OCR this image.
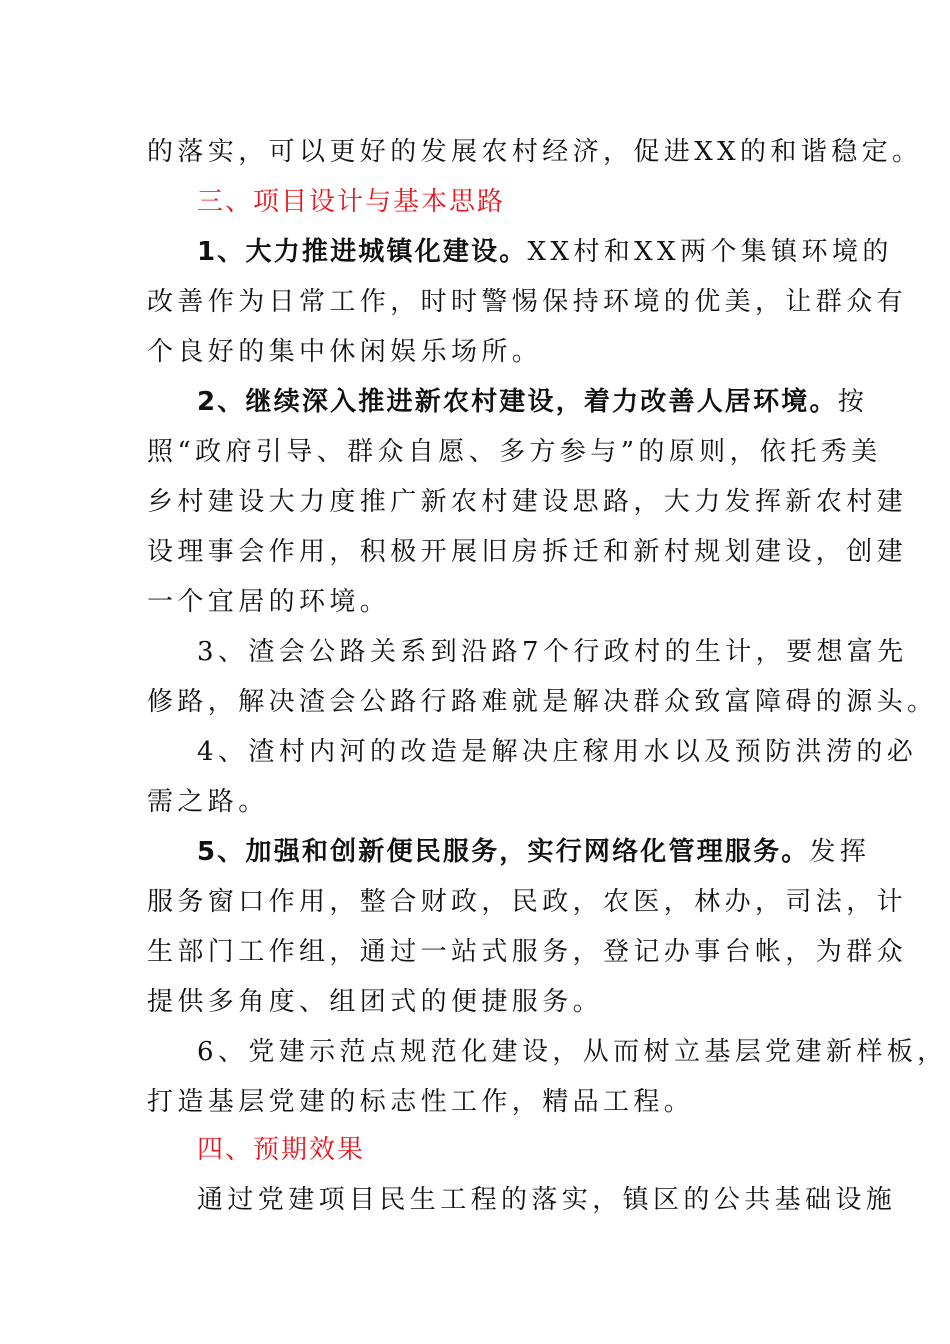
的落实，可以更好的发展农村经济，促进XX的和谐稳定。
三、项目设计与基本思路
1、大力推进城镇化建设。XX村和XX两个集镇环境的
改善作为日常工作，时时警惕保持环境的优美，让群众有
个良好的集中休闲娱乐场所。
2、继续深入推进新农村建设，着力改善人居环境。按
照“政府引导、群众自愿、多方参与”的原则，依托秀美
乡村建设大力度推广新农村建设思路，大力发挥新农村建
设理事会作用，积极开展旧房拆迁和新村规划建设，创建
一个宜居的环境。
3、渣会公路关系到沿路7个行政村的生计，要想富先
修路，解决渣会公路行路难就是解决群众致富障碍的源头。
4、渣村内河的改造是解决庄稼用水以及预防洪涝的必
需之路。
5、加强和创新便民服务，实行网络化管理服务。发挥
服务窗口作用，整合财政，民政，农医，林办，司法，计
生部门工作组，通过一站式服务，登记办事台帐，为群众
提供多角度、组团式的便捷服务。
6、党建示范点规范化建设，从而树立基层党建新样板，
打造基层党建的标志性工作，精品工程。
四、预期效果
通过党建项目民生工程的落实，镇区的公共基础设施
